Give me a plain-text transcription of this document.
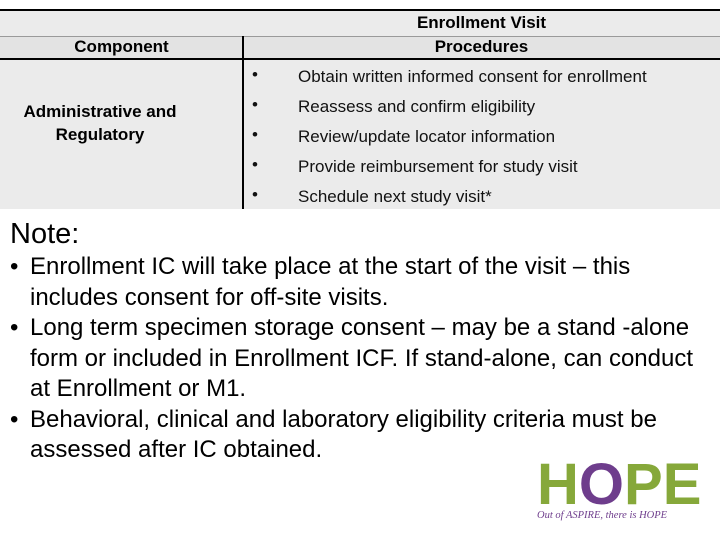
Enrollment Visit
Component	Procedures
Administrative and
Regulatory
• Obtain written informed consent for enrollment
• Reassess and confirm eligibility
• Review/update locator information
• Provide reimbursement for study visit
• Schedule next study visit*
Note:
• Enrollment IC will take place at the start of the visit – this includes consent for off-site visits.
• Long term specimen storage consent – may be a stand -alone form or included in Enrollment ICF. If stand-alone, can conduct at Enrollment or M1.
• Behavioral, clinical and laboratory eligibility criteria must be assessed after IC obtained.
HOPE
Out of ASPIRE, there is HOPE
